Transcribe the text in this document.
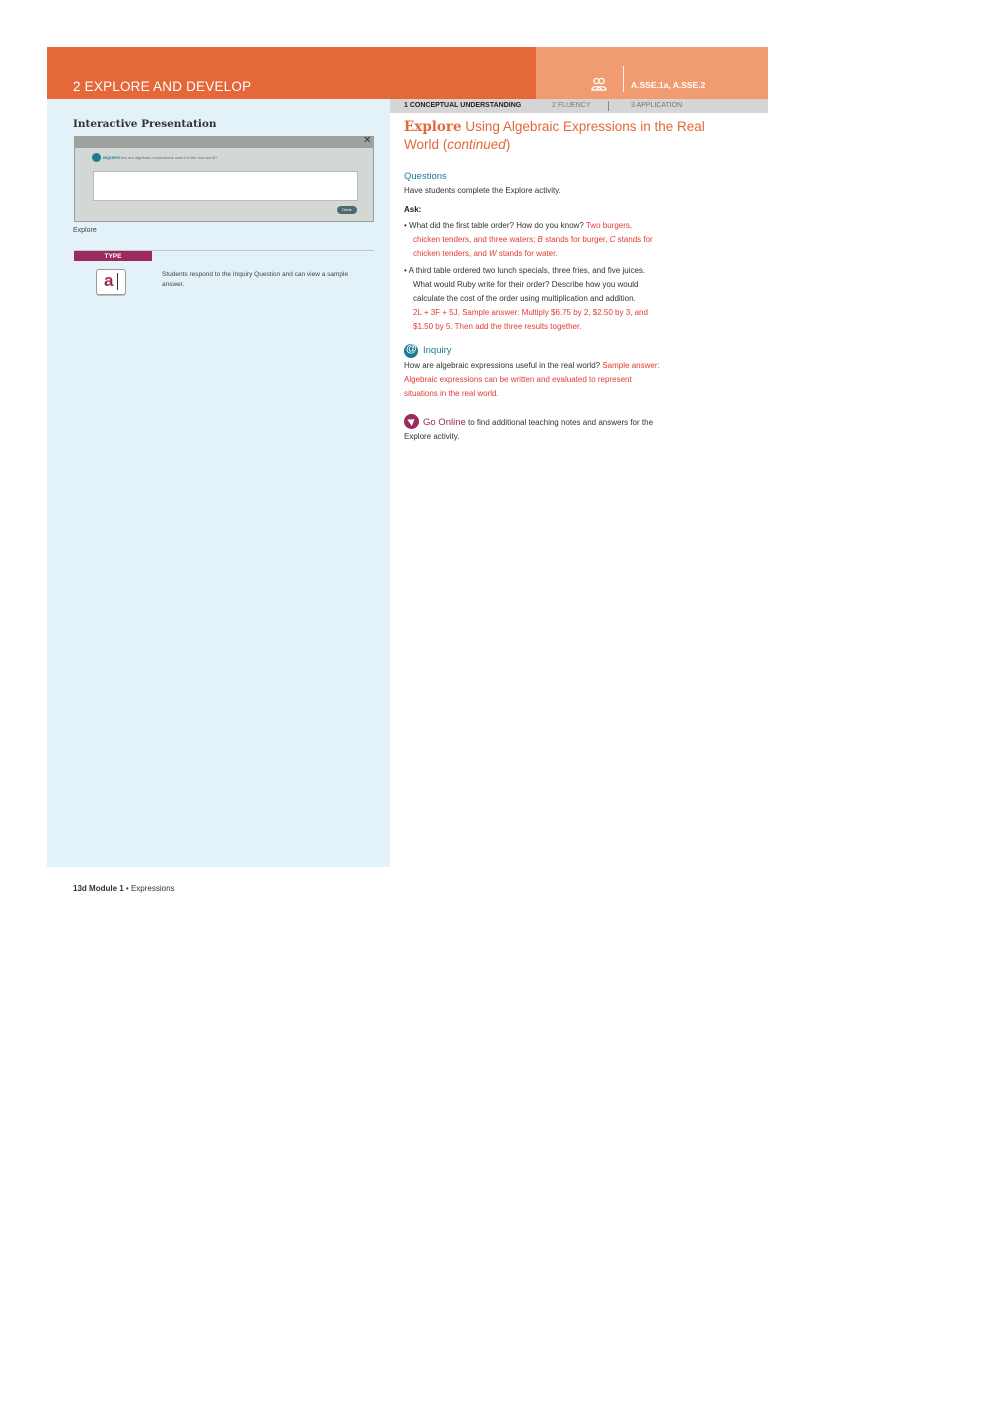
2 EXPLORE AND DEVELOP	A.SSE.1a, A.SSE.2
1 CONCEPTUAL UNDERSTANDING	2 FLUENCY	3 APPLICATION
Interactive Presentation
✕
INQUIRY How are algebraic expressions useful in the real world?
Done
Explore
TYPE
a	Students respond to the Inquiry Question and can view a sample answer.
13d Module 1 • Expressions
Explore Using Algebraic Expressions in the Real World (continued)
Questions
Have students complete the Explore activity.
Ask:
• What did the first table order? How do you know? Two burgers,
chicken tenders, and three waters; B stands for burger, C stands for
chicken tenders, and W stands for water.
• A third table ordered two lunch specials, three fries, and five juices.
What would Ruby write for their order? Describe how you would
calculate the cost of the order using multiplication and addition.
2L + 3F + 5J. Sample answer: Multiply $6.75 by 2, $2.50 by 3, and
$1.50 by 5. Then add the three results together.
@
Inquiry
How are algebraic expressions useful in the real world? Sample answer:
Algebraic expressions can be written and evaluated to represent
situations in the real world.
Go Online to find additional teaching notes and answers for the
Explore activity.
